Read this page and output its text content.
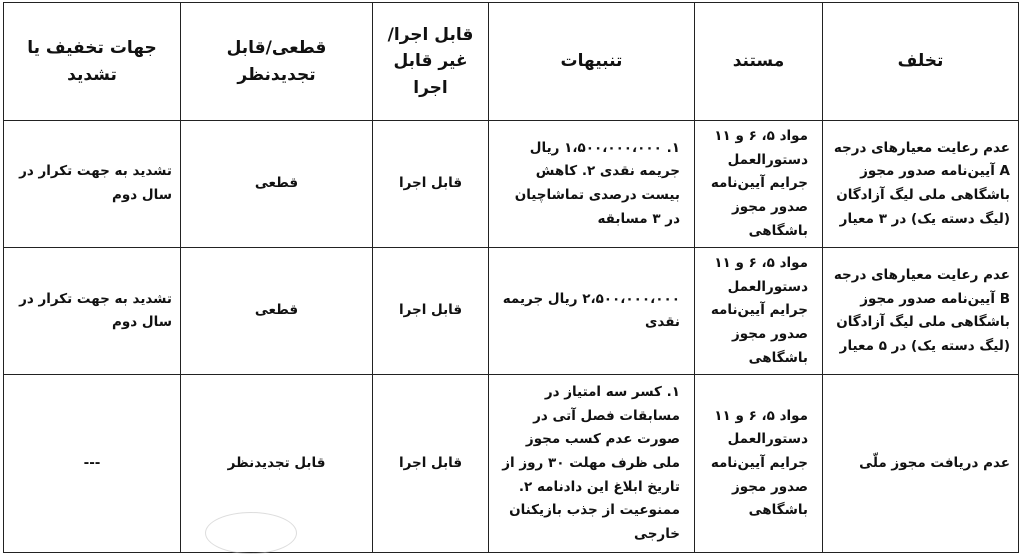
تخلف	مستند	تنبیهات	قابل اجرا/غیر قابل اجرا	قطعی/قابل تجدیدنظر	جهات تخفیف یا تشدید
عدم رعایت معیارهای درجه A آیین‌نامه صدور مجوز باشگاهی ملی لیگ آزادگان (لیگ دسته یک) در ۳ معیار	مواد ۵، ۶ و ۱۱ دستورالعمل جرایم آیین‌نامه صدور مجوز باشگاهی	۱. ۱،۵۰۰،۰۰۰،۰۰۰ ریال جریمه نقدی ۲. کاهش بیست درصدی تماشاچیان در ۳ مسابقه	قابل اجرا	قطعی	تشدید به جهت تکرار در سال دوم
عدم رعایت معیارهای درجه B آیین‌نامه صدور مجوز باشگاهی ملی لیگ آزادگان (لیگ دسته یک) در ۵ معیار	مواد ۵، ۶ و ۱۱ دستورالعمل جرایم آیین‌نامه صدور مجوز باشگاهی	۲،۵۰۰،۰۰۰،۰۰۰ ریال جریمه نقدی	قابل اجرا	قطعی	تشدید به جهت تکرار در سال دوم
عدم دریافت مجوز ملّی	مواد ۵، ۶ و ۱۱ دستورالعمل جرایم آیین‌نامه صدور مجوز باشگاهی	۱. کسر سه امتیاز در مسابقات فصل آتی در صورت عدم کسب مجوز ملی ظرف مهلت ۳۰ روز از تاریخ ابلاغ این دادنامه ۲. ممنوعیت از جذب بازیکنان خارجی	قابل اجرا	قابل تجدیدنظر	---
